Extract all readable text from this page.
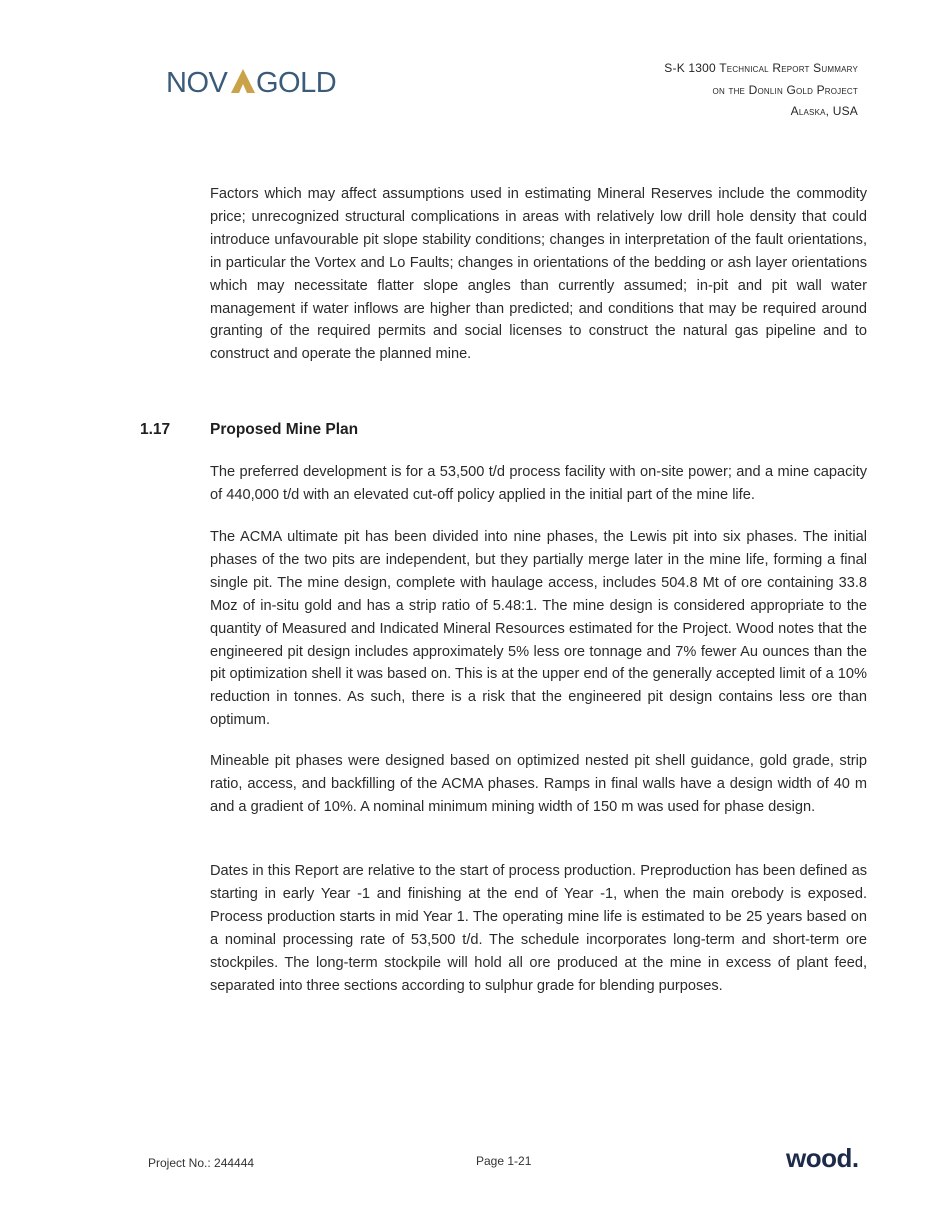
NOV GOLD	S-K 1300 Technical Report Summary
on the Donlin Gold Project
Alaska, USA

Factors which may affect assumptions used in estimating Mineral Reserves include the commodity price; unrecognized structural complications in areas with relatively low drill hole density that could introduce unfavourable pit slope stability conditions; changes in interpretation of the fault orientations, in particular the Vortex and Lo Faults; changes in orientations of the bedding or ash layer orientations which may necessitate flatter slope angles than currently assumed; in-pit and pit wall water management if water inflows are higher than predicted; and conditions that may be required around granting of the required permits and social licenses to construct the natural gas pipeline and to construct and operate the planned mine.

1.17	Proposed Mine Plan

The preferred development is for a 53,500 t/d process facility with on-site power; and a mine capacity of 440,000 t/d with an elevated cut-off policy applied in the initial part of the mine life.

The ACMA ultimate pit has been divided into nine phases, the Lewis pit into six phases. The initial phases of the two pits are independent, but they partially merge later in the mine life, forming a final single pit. The mine design, complete with haulage access, includes 504.8 Mt of ore containing 33.8 Moz of in-situ gold and has a strip ratio of 5.48:1. The mine design is considered appropriate to the quantity of Measured and Indicated Mineral Resources estimated for the Project. Wood notes that the engineered pit design includes approximately 5% less ore tonnage and 7% fewer Au ounces than the pit optimization shell it was based on. This is at the upper end of the generally accepted limit of a 10% reduction in tonnes. As such, there is a risk that the engineered pit design contains less ore than optimum.

Mineable pit phases were designed based on optimized nested pit shell guidance, gold grade, strip ratio, access, and backfilling of the ACMA phases. Ramps in final walls have a design width of 40 m and a gradient of 10%. A nominal minimum mining width of 150 m was used for phase design.

Dates in this Report are relative to the start of process production. Preproduction has been defined as starting in early Year -1 and finishing at the end of Year -1, when the main orebody is exposed. Process production starts in mid Year 1. The operating mine life is estimated to be 25 years based on a nominal processing rate of 53,500 t/d. The schedule incorporates long-term and short-term ore stockpiles. The long-term stockpile will hold all ore produced at the mine in excess of plant feed, separated into three sections according to sulphur grade for blending purposes.

Project No.: 244444	Page 1-21	wood.
